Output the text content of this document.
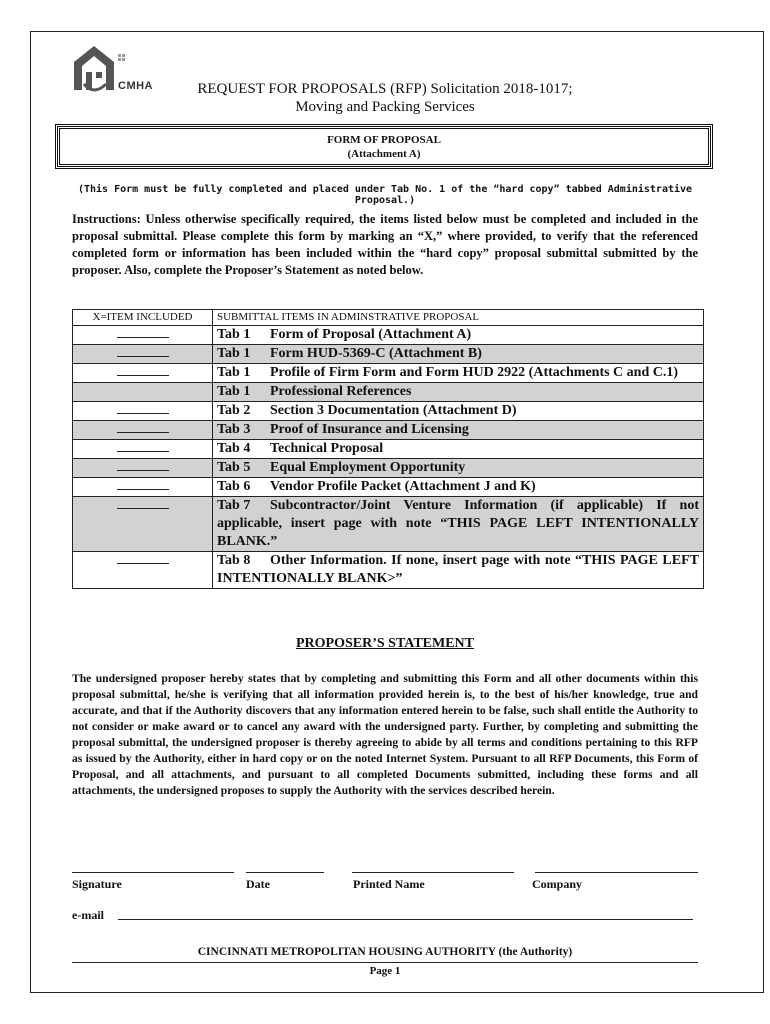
CMHA	REQUEST FOR PROPOSALS (RFP) Solicitation 2018-1017;
Moving and Packing Services
FORM OF PROPOSAL
(Attachment A)
(This Form must be fully completed and placed under Tab No. 1 of the “hard copy” tabbed Administrative Proposal.)
Instructions: Unless otherwise specifically required, the items listed below must be completed and included in the proposal submittal. Please complete this form by marking an “X,” where provided, to verify that the referenced completed form or information has been included within the “hard copy” proposal submittal submitted by the proposer. Also, complete the Proposer’s Statement as noted below.
X=ITEM INCLUDED	SUBMITTAL ITEMS IN ADMINSTRATIVE PROPOSAL
	Tab 1 Form of Proposal (Attachment A)
	Tab 1 Form HUD-5369-C (Attachment B)
	Tab 1 Profile of Firm Form and Form HUD 2922 (Attachments C and C.1)
	Tab 1 Professional References
	Tab 2 Section 3 Documentation (Attachment D)
	Tab 3 Proof of Insurance and Licensing
	Tab 4 Technical Proposal
	Tab 5 Equal Employment Opportunity
	Tab 6 Vendor Profile Packet (Attachment J and K)
	Tab 7 Subcontractor/Joint Venture Information (if applicable) If not applicable, insert page with note “THIS PAGE LEFT INTENTIONALLY BLANK.”
	Tab 8 Other Information. If none, insert page with note “THIS PAGE LEFT INTENTIONALLY BLANK>”
PROPOSER’S STATEMENT
The undersigned proposer hereby states that by completing and submitting this Form and all other documents within this proposal submittal, he/she is verifying that all information provided herein is, to the best of his/her knowledge, true and accurate, and that if the Authority discovers that any information entered herein to be false, such shall entitle the Authority to not consider or make award or to cancel any award with the undersigned party. Further, by completing and submitting the proposal submittal, the undersigned proposer is thereby agreeing to abide by all terms and conditions pertaining to this RFP as issued by the Authority, either in hard copy or on the noted Internet System. Pursuant to all RFP Documents, this Form of Proposal, and all attachments, and pursuant to all completed Documents submitted, including these forms and all attachments, the undersigned proposes to supply the Authority with the services described herein.
Signature	Date	Printed Name	Company
e-mail
CINCINNATI METROPOLITAN HOUSING AUTHORITY (the Authority)
Page 1
